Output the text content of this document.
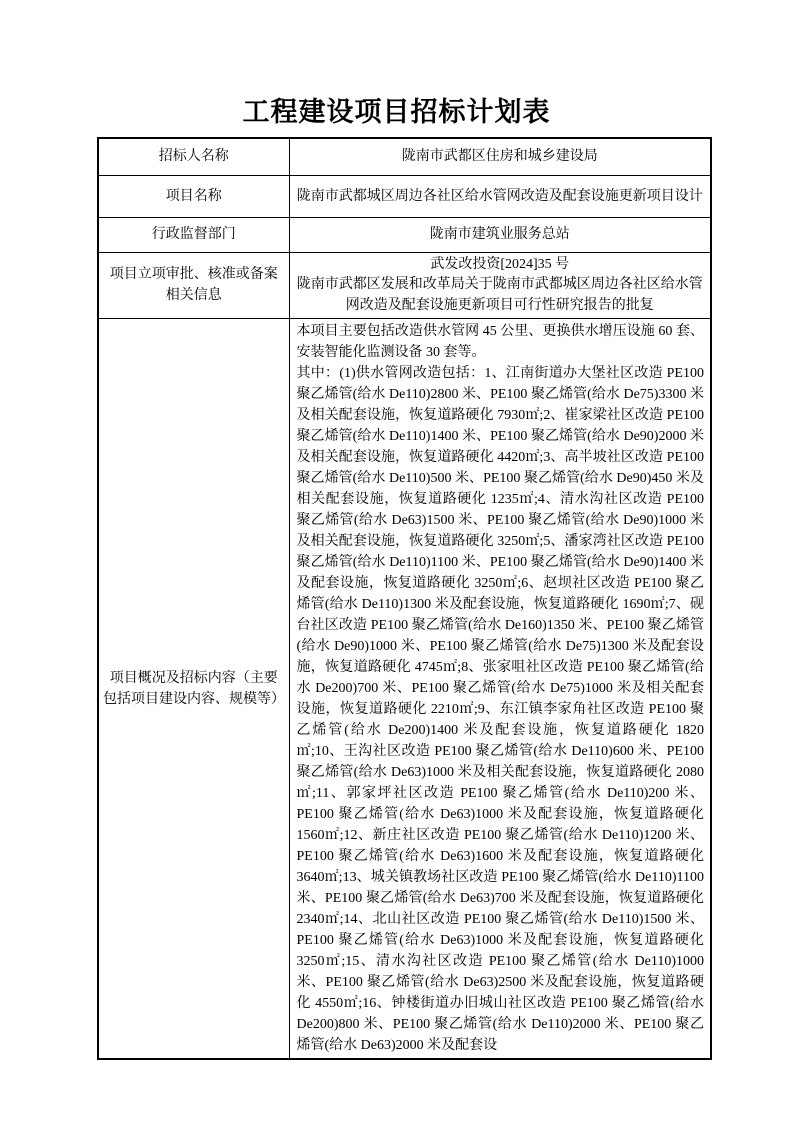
工程建设项目招标计划表
招标人名称	陇南市武都区住房和城乡建设局
项目名称	陇南市武都城区周边各社区给水管网改造及配套设施更新项目设计
行政监督部门	陇南市建筑业服务总站
项目立项审批、核准或备案相关信息	武发改投资[2024]35 号
陇南市武都区发展和改革局关于陇南市武都城区周边各社区给水管网改造及配套设施更新项目可行性研究报告的批复

项目概况及招标内容（主要包括项目建设内容、规模等）	本项目主要包括改造供水管网 45 公里、更换供水增压设施 60 套、安装智能化监测设备 30 套等。

其中：(1)供水管网改造包括：1、江南街道办大堡社区改造 PE100 聚乙烯管(给水 De110)2800 米、PE100 聚乙烯管(给水 De75)3300 米及相关配套设施，恢复道路硬化 7930㎡;2、崔家梁社区改造 PE100 聚乙烯管(给水 De110)1400 米、PE100 聚乙烯管(给水 De90)2000 米及相关配套设施，恢复道路硬化 4420㎡;3、高半坡社区改造 PE100 聚乙烯管(给水 De110)500 米、PE100 聚乙烯管(给水 De90)450 米及相关配套设施，恢复道路硬化 1235㎡;4、清水沟社区改造 PE100 聚乙烯管(给水 De63)1500 米、PE100 聚乙烯管(给水 De90)1000 米及相关配套设施，恢复道路硬化 3250㎡;5、潘家湾社区改造 PE100 聚乙烯管(给水 De110)1100 米、PE100 聚乙烯管(给水 De90)1400 米及配套设施，恢复道路硬化 3250㎡;6、赵坝社区改造 PE100 聚乙烯管(给水 De110)1300 米及配套设施，恢复道路硬化 1690㎡;7、砚台社区改造 PE100 聚乙烯管(给水 De160)1350 米、PE100 聚乙烯管(给水 De90)1000 米、PE100 聚乙烯管(给水 De75)1300 米及配套设施，恢复道路硬化 4745㎡;8、张家咀社区改造 PE100 聚乙烯管(给水 De200)700 米、PE100 聚乙烯管(给水 De75)1000 米及相关配套设施，恢复道路硬化 2210㎡;9、东江镇李家角社区改造 PE100 聚乙烯管(给水 De200)1400 米及配套设施，恢复道路硬化 1820㎡;10、王沟社区改造 PE100 聚乙烯管(给水 De110)600 米、PE100 聚乙烯管(给水 De63)1000 米及相关配套设施，恢复道路硬化 2080㎡;11、郭家坪社区改造 PE100 聚乙烯管(给水 De110)200 米、PE100 聚乙烯管(给水 De63)1000 米及配套设施，恢复道路硬化 1560㎡;12、新庄社区改造 PE100 聚乙烯管(给水 De110)1200 米、PE100 聚乙烯管(给水 De63)1600 米及配套设施，恢复道路硬化 3640㎡;13、城关镇教场社区改造 PE100 聚乙烯管(给水 De110)1100 米、PE100 聚乙烯管(给水 De63)700 米及配套设施，恢复道路硬化 2340㎡;14、北山社区改造 PE100 聚乙烯管(给水 De110)1500 米、PE100 聚乙烯管(给水 De63)1000 米及配套设施，恢复道路硬化 3250㎡;15、清水沟社区改造 PE100 聚乙烯管(给水 De110)1000 米、PE100 聚乙烯管(给水 De63)2500 米及配套设施，恢复道路硬化 4550㎡;16、钟楼街道办旧城山社区改造 PE100 聚乙烯管(给水 De200)800 米、PE100 聚乙烯管(给水 De110)2000 米、PE100 聚乙烯管(给水 De63)2000 米及配套设
